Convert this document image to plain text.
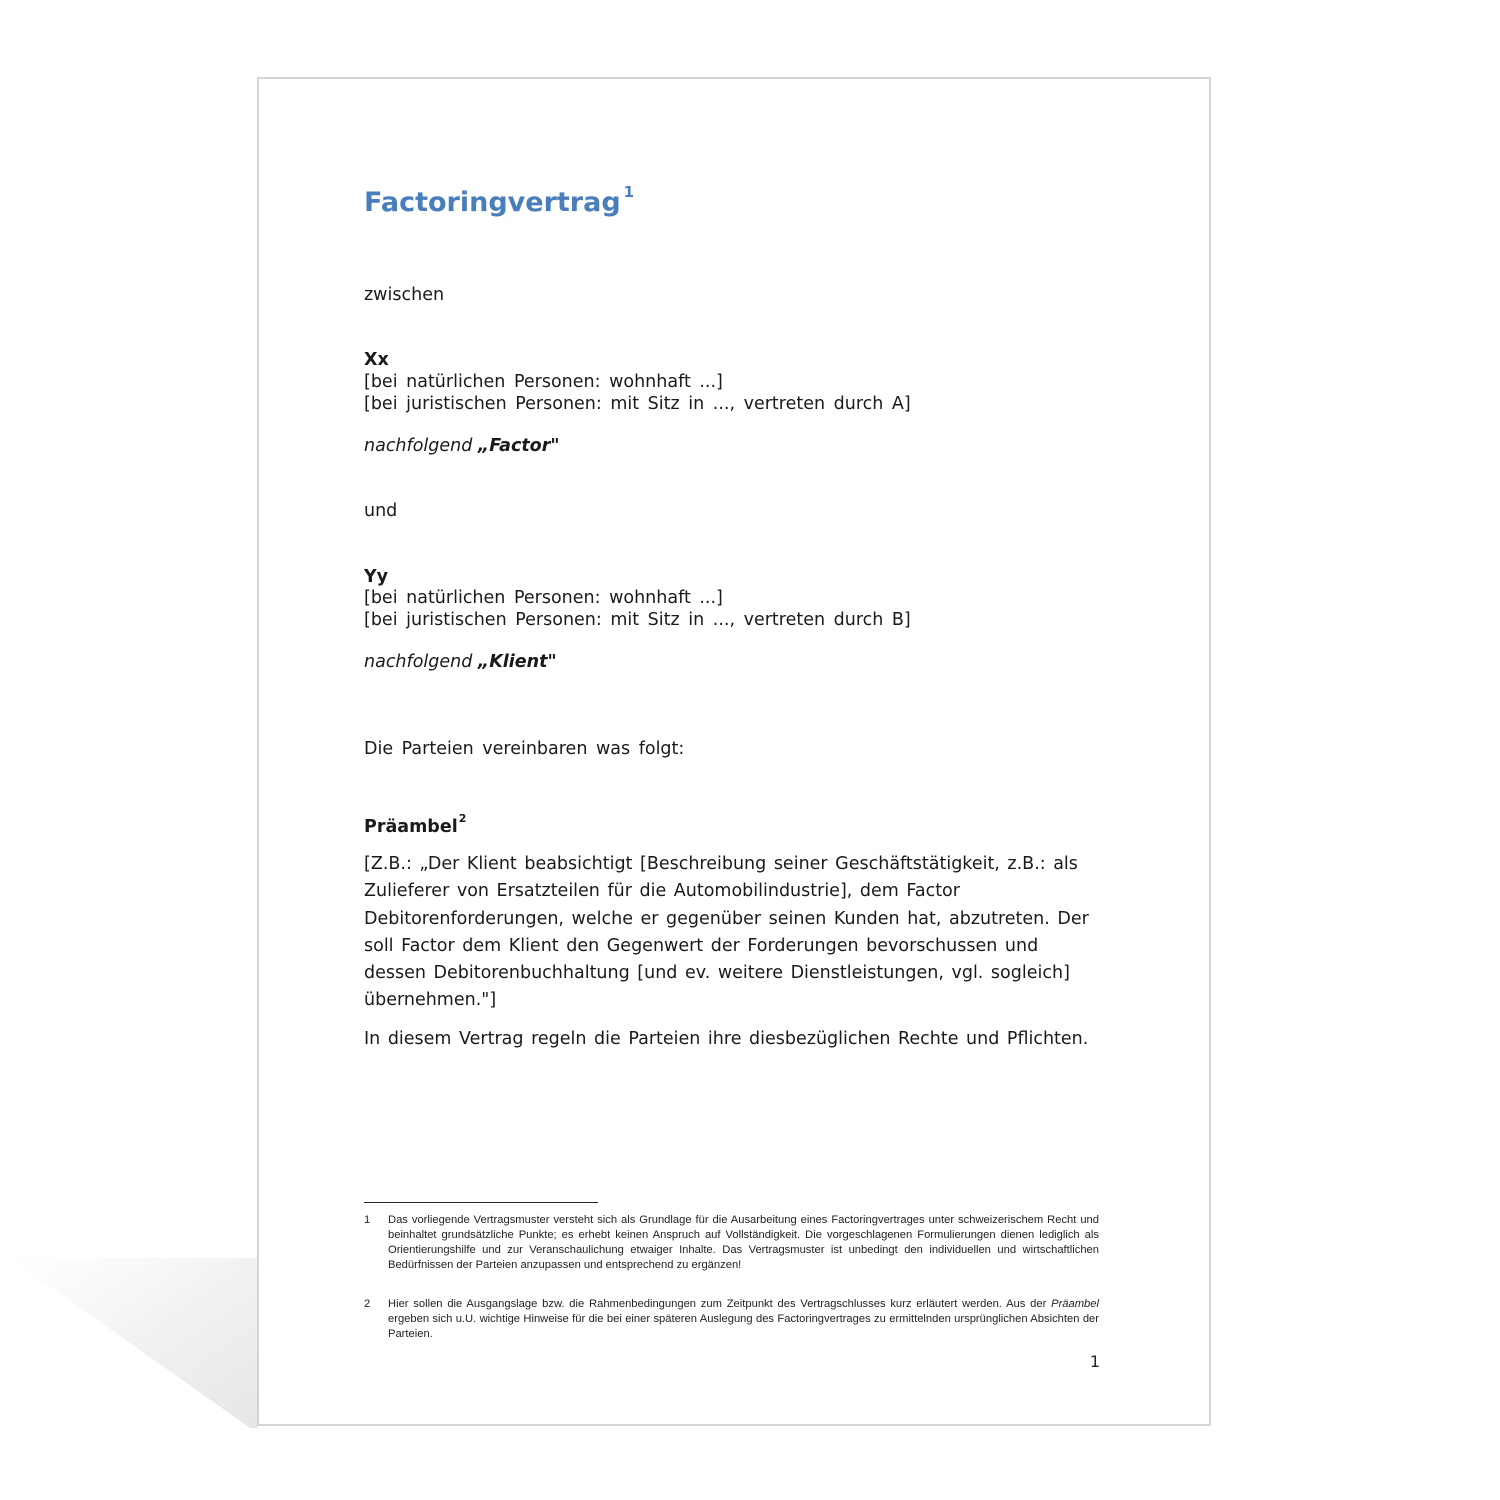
Factoringvertrag $^1$

zwischen

Xx

[bei natürlichen Personen: wohnhaft ...]

[bei juristischen Personen: mit Sitz in ..., vertreten durch A]

nachfolgend „Factor"

und

Yy

[bei natürlichen Personen: wohnhaft ...]

[bei juristischen Personen: mit Sitz in ..., vertreten durch B]

nachfolgend „Klient"

Die Parteien vereinbaren was folgt:

Präambel$^2$

[Z.B.: „Der Klient beabsichtigt [Beschreibung seiner Geschäftstätigkeit, z.B.: als Zulieferer von Ersatzteilen für die Automobilindustrie], dem Factor Debitorenforderungen, welche er gegenüber seinen Kunden hat, abzutreten. Der soll Factor dem Klient den Gegenwert der Forderungen bevorschussen und dessen Debitorenbuchhaltung [und ev. weitere Dienstleistungen, vgl. sogleich] übernehmen."]

In diesem Vertrag regeln die Parteien ihre diesbezüglichen Rechte und Pflichten.

1 Das vorliegende Vertragsmuster versteht sich als Grundlage für die Ausarbeitung eines Factoringvertrages unter schweizerischem Recht und beinhaltet grundsätzliche Punkte; es erhebt keinen Anspruch auf Vollständigkeit. Die vorgeschlagenen Formulierungen dienen lediglich als Orientierungshilfe und zur Veranschaulichung etwaiger Inhalte. Das Vertragsmuster ist unbedingt den individuellen und wirtschaftlichen Bedürfnissen der Parteien anzupassen und entsprechend zu ergänzen!
2 Hier sollen die Ausgangslage bzw. die Rahmenbedingungen zum Zeitpunkt des Vertragschlusses kurz erläutert werden. Aus der Präambel ergeben sich u.U. wichtige Hinweise für die bei einer späteren Auslegung des Factoringvertrages zu ermittelnden ursprünglichen Absichten der Parteien.
1
